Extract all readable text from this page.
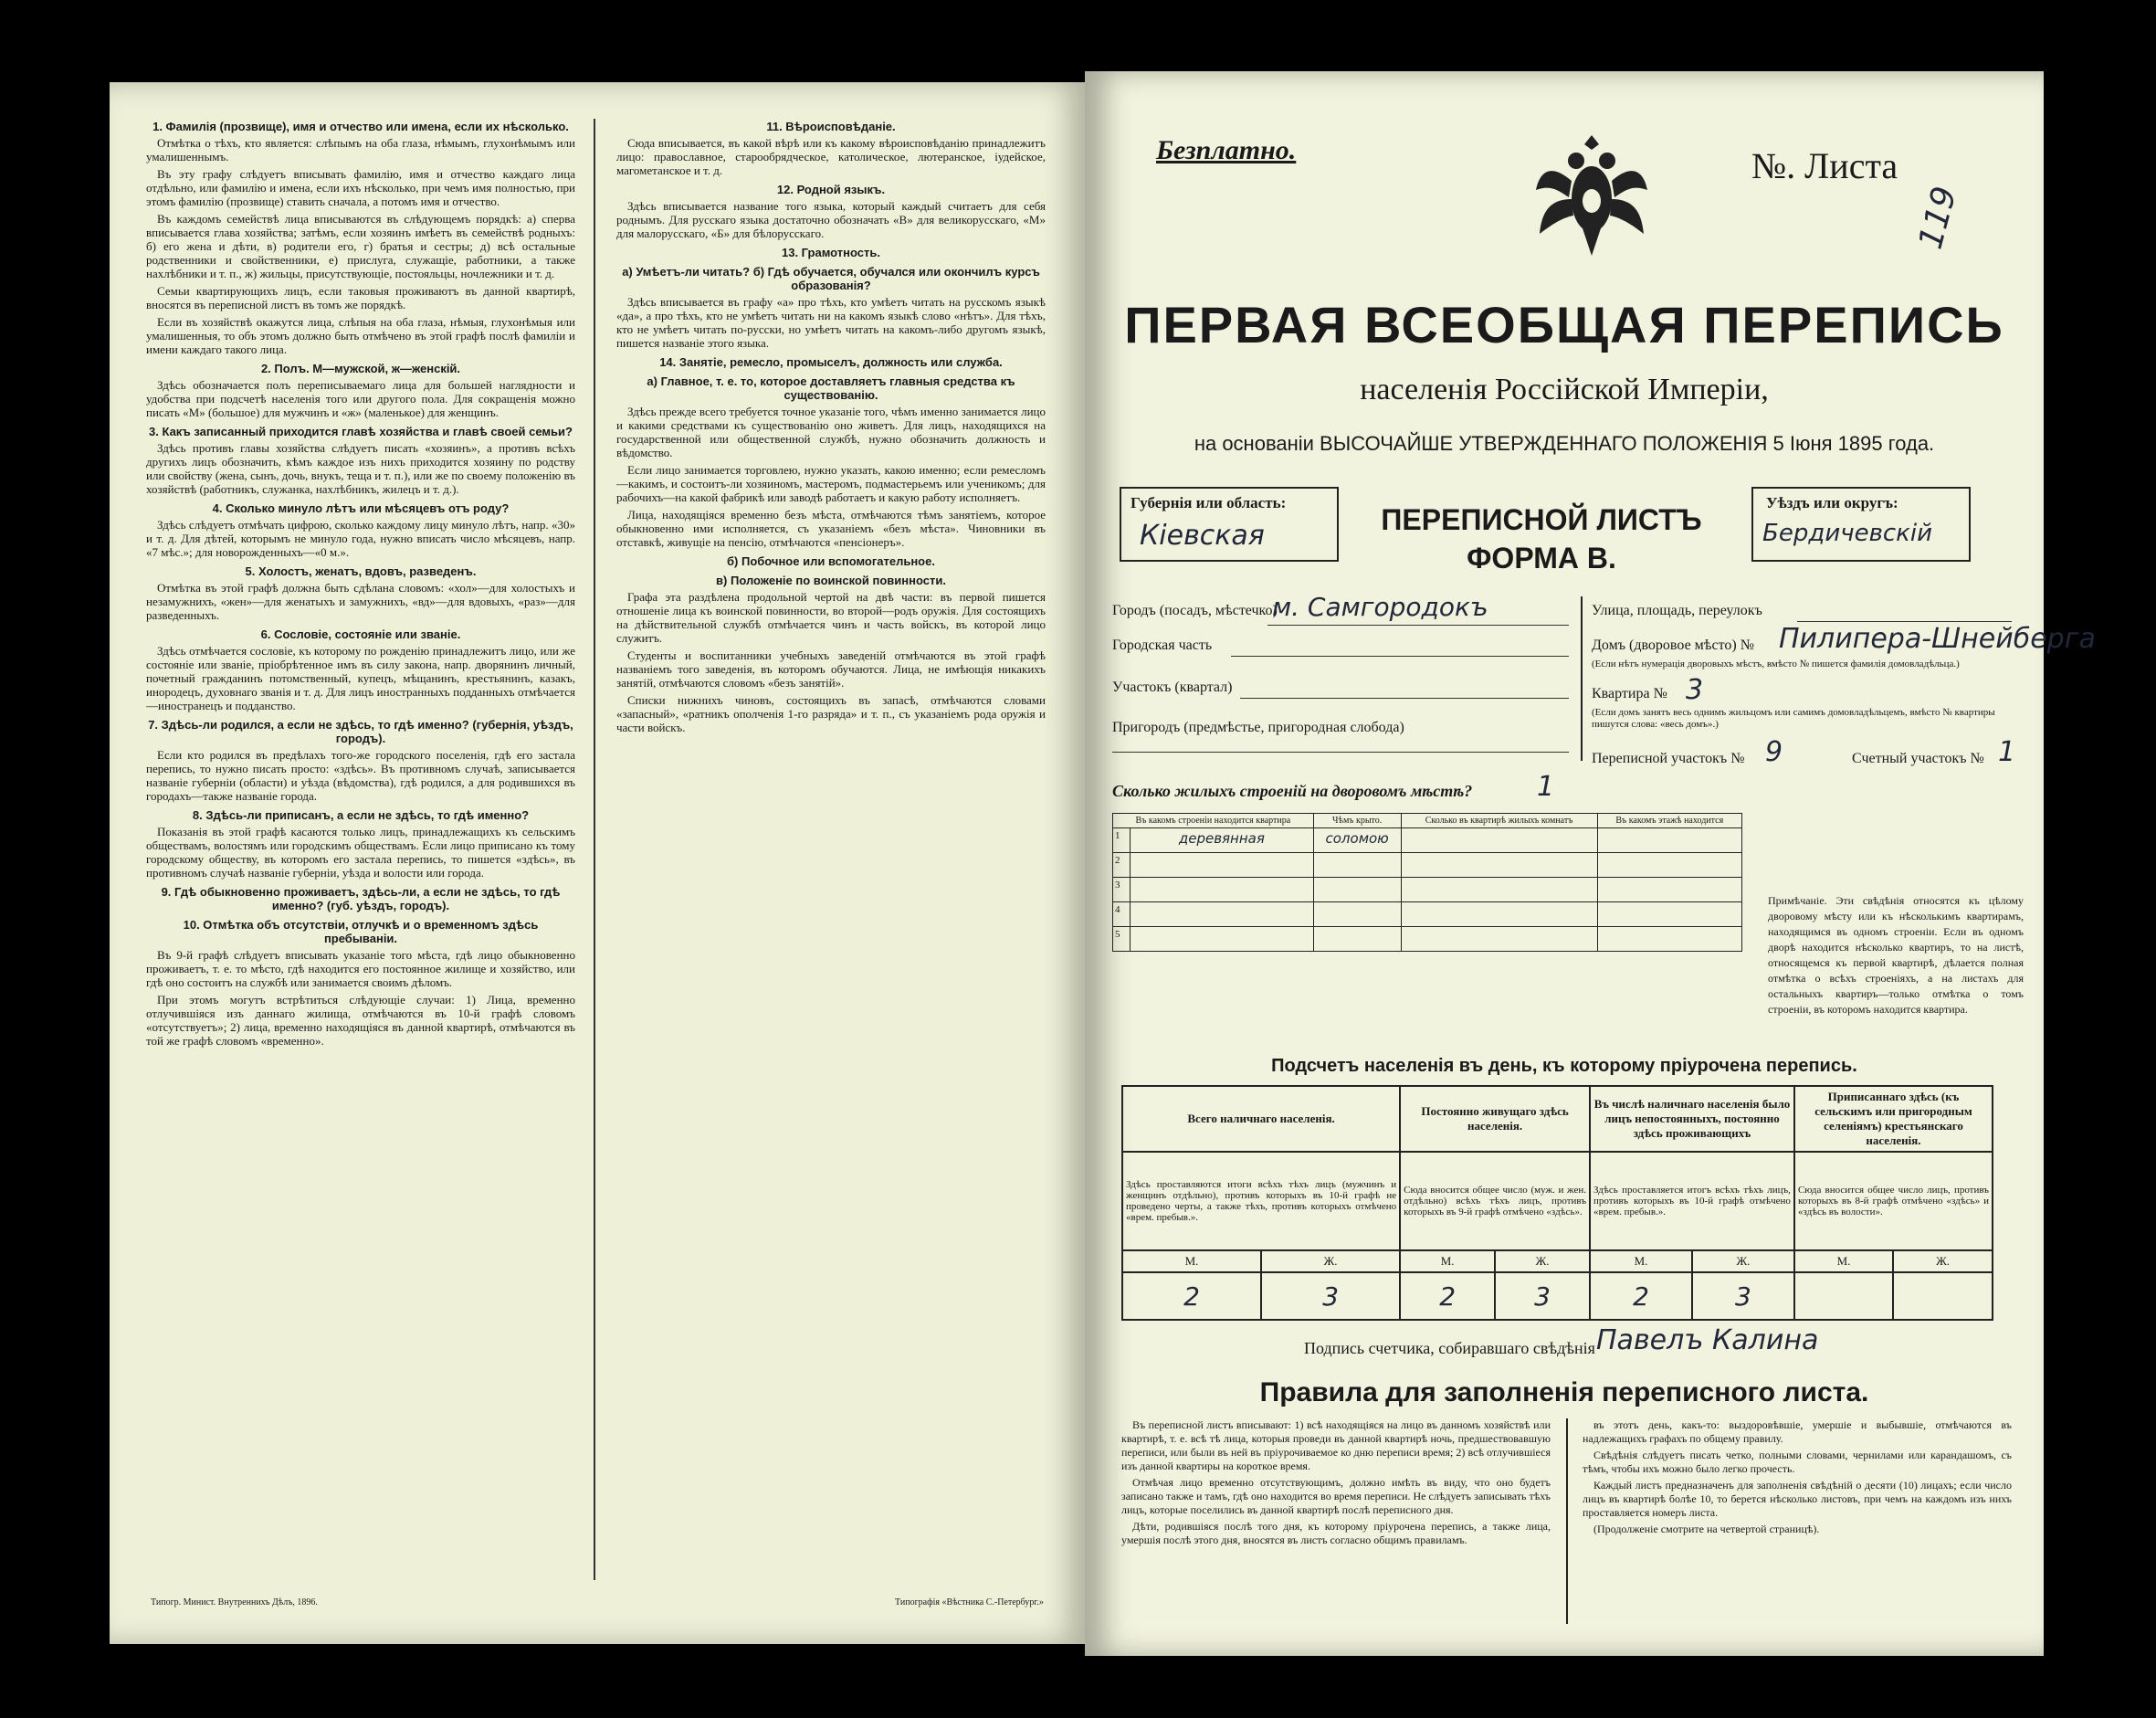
1. Фамилія (прозвище), имя и отчество или имена, если их нѣсколько.

Отмѣтка о тѣхъ, кто является: слѣпымъ на оба глаза, нѣмымъ, глухонѣмымъ или умалишеннымъ.

Въ эту графу слѣдуетъ вписывать фамилію, имя и отчество каждаго лица отдѣльно, или фамилію и имена, если ихъ нѣсколько, при чемъ имя полностью, при этомъ фамилію (прозвище) ставить сначала, а потомъ имя и отчество.

Въ каждомъ семействѣ лица вписываются въ слѣдующемъ порядкѣ: а) сперва вписывается глава хозяйства; затѣмъ, если хозяинъ имѣетъ въ семействѣ родныхъ: б) его жена и дѣти, в) родители его, г) братья и сестры; д) всѣ остальные родственники и свойственники, е) прислуга, служащіе, работники, а также нахлѣбники и т. п., ж) жильцы, присутствующіе, постояльцы, ночлежники и т. д.

Семьи квартирующихъ лицъ, если таковыя проживаютъ въ данной квартирѣ, вносятся въ переписной листъ въ томъ же порядкѣ.

Если въ хозяйствѣ окажутся лица, слѣпыя на оба глаза, нѣмыя, глухонѣмыя или умалишенныя, то объ этомъ должно быть отмѣчено въ этой графѣ послѣ фамиліи и имени каждаго такого лица.

2. Полъ. М—мужской, ж—женскій.

Здѣсь обозначается полъ переписываемаго лица для большей наглядности и удобства при подсчетѣ населенія того или другого пола. Для сокращенія можно писать «М» (большое) для мужчинъ и «ж» (маленькое) для женщинъ.

3. Какъ записанный приходится главѣ хозяйства и главѣ своей семьи?

Здѣсь противъ главы хозяйства слѣдуетъ писать «хозяинъ», а противъ всѣхъ другихъ лицъ обозначить, кѣмъ каждое изъ нихъ приходится хозяину по родству или свойству (жена, сынъ, дочь, внукъ, теща и т. п.), или же по своему положенію въ хозяйствѣ (работникъ, служанка, нахлѣбникъ, жилецъ и т. д.).

4. Сколько минуло лѣтъ или мѣсяцевъ отъ роду?

Здѣсь слѣдуетъ отмѣчать цифрою, сколько каждому лицу минуло лѣтъ, напр. «30» и т. д. Для дѣтей, которымъ не минуло года, нужно вписать число мѣсяцевъ, напр. «7 мѣс.»; для новорожденныхъ—«0 м.».

5. Холостъ, женатъ, вдовъ, разведенъ.

Отмѣтка въ этой графѣ должна быть сдѣлана словомъ: «хол»—для холостыхъ и незамужнихъ, «жен»—для женатыхъ и замужнихъ, «вд»—для вдовыхъ, «раз»—для разведенныхъ.

6. Сословіе, состояніе или званіе.

Здѣсь отмѣчается сословіе, къ которому по рожденію принадлежитъ лицо, или же состояніе или званіе, пріобрѣтенное имъ въ силу закона, напр. дворянинъ личный, почетный гражданинъ потомственный, купецъ, мѣщанинъ, крестьянинъ, казакъ, инородецъ, духовнаго званія и т. д. Для лицъ иностранныхъ подданныхъ отмѣчается—иностранецъ и подданство.

7. Здѣсь-ли родился, а если не здѣсь, то гдѣ именно? (губернія, уѣздъ, городъ).

Если кто родился въ предѣлахъ того-же городского поселенія, гдѣ его застала перепись, то нужно писать просто: «здѣсь». Въ противномъ случаѣ, записывается названіе губерніи (области) и уѣзда (вѣдомства), гдѣ родился, а для родившихся въ городахъ—также названіе города.

8. Здѣсь-ли приписанъ, а если не здѣсь, то гдѣ именно?

Показанія въ этой графѣ касаются только лицъ, принадлежащихъ къ сельскимъ обществамъ, волостямъ или городскимъ обществамъ. Если лицо приписано къ тому городскому обществу, въ которомъ его застала перепись, то пишется «здѣсь», въ противномъ случаѣ названіе губерніи, уѣзда и волости или города.

9. Гдѣ обыкновенно проживаетъ, здѣсь-ли, а если не здѣсь, то гдѣ именно? (губ. уѣздъ, городъ).
10. Отмѣтка объ отсутствіи, отлучкѣ и о временномъ здѣсь пребываніи.

Въ 9-й графѣ слѣдуетъ вписывать указаніе того мѣста, гдѣ лицо обыкновенно проживаетъ, т. е. то мѣсто, гдѣ находится его постоянное жилище и хозяйство, или гдѣ оно состоитъ на службѣ или занимается своимъ дѣломъ.

При этомъ могутъ встрѣтиться слѣдующіе случаи: 1) Лица, временно отлучившіяся изъ даннаго жилища, отмѣчаются въ 10-й графѣ словомъ «отсутствуетъ»; 2) лица, временно находящіяся въ данной квартирѣ, отмѣчаются въ той же графѣ словомъ «временно».

11. Вѣроисповѣданіе.

Сюда вписывается, въ какой вѣрѣ или къ какому вѣроисповѣданію принадлежитъ лицо: православное, старообрядческое, католическое, лютеранское, іудейское, магометанское и т. д.

12. Родной языкъ.

Здѣсь вписывается название того языка, который каждый считаетъ для себя роднымъ. Для русскаго языка достаточно обозначать «В» для великорусскаго, «М» для малорусскаго, «Б» для бѣлорусскаго.

13. Грамотность.
а) Умѣетъ-ли читать? б) Гдѣ обучается, обучался или окончилъ курсъ образованія?

Здѣсь вписывается въ графу «а» про тѣхъ, кто умѣетъ читать на русскомъ языкѣ «да», а про тѣхъ, кто не умѣетъ читать ни на какомъ языкѣ слово «нѣтъ». Для тѣхъ, кто не умѣетъ читать по-русски, но умѣетъ читать на какомъ-либо другомъ языкѣ, пишется названіе этого языка.

14. Занятіе, ремесло, промыселъ, должность или служба.
а) Главное, т. е. то, которое доставляетъ главныя средства къ существованію.

Здѣсь прежде всего требуется точное указаніе того, чѣмъ именно занимается лицо и какими средствами къ существованію оно живетъ. Для лицъ, находящихся на государственной или общественной службѣ, нужно обозначить должность и вѣдомство.

Если лицо занимается торговлею, нужно указать, какою именно; если ремесломъ—какимъ, и состоитъ-ли хозяиномъ, мастеромъ, подмастерьемъ или ученикомъ; для рабочихъ—на какой фабрикѣ или заводѣ работаетъ и какую работу исполняетъ.

Лица, находящіяся временно безъ мѣста, отмѣчаются тѣмъ занятіемъ, которое обыкновенно ими исполняется, съ указаніемъ «безъ мѣста». Чиновники въ отставкѣ, живущіе на пенсію, отмѣчаются «пенсіонеръ».

б) Побочное или вспомогательное.
в) Положеніе по воинской повинности.

Графа эта раздѣлена продольной чертой на двѣ части: въ первой пишется отношеніе лица къ воинской повинности, во второй—родъ оружія. Для состоящихъ на дѣйствительной службѣ отмѣчается чинъ и часть войскъ, въ которой лицо служитъ.

Студенты и воспитанники учебныхъ заведеній отмѣчаются въ этой графѣ названіемъ того заведенія, въ которомъ обучаются. Лица, не имѣющія никакихъ занятій, отмѣчаются словомъ «безъ занятій».

Списки нижнихъ чиновъ, состоящихъ въ запасѣ, отмѣчаются словами «запасный», «ратникъ ополченія 1-го разряда» и т. п., съ указаніемъ рода оружія и части войскъ.

Типогр. Минист. Внутреннихъ Дѣлъ, 1896.	Типографія «Вѣстника С.-Петербург.»
Безплатно.	№. Листа
119
ПЕРВАЯ ВСЕОБЩАЯ ПЕРЕПИСЬ
населенія Россійской Имперіи,
на основаніи ВЫСОЧАЙШЕ УТВЕРЖДЕННАГО ПОЛОЖЕНІЯ 5 Іюня 1895 года.
Губернія или область:
Кіевская	ПЕРЕПИСНОЙ ЛИСТЪ
ФОРМА В.
Уѣздъ или округъ:
Бердичевскій
Городъ (посадъ, мѣстечко)
м. Самгородокъ
Городская часть
Участокъ (квартал)
Пригородъ (предмѣстье, пригородная слобода)
Улица, площадь, переулокъ
Домъ (дворовое мѣсто) № Пилипера-Шнейберга
(Если нѣтъ нумерація дворовыхъ мѣстъ, вмѣсто № пишется фамилія домовладѣльца.)
Квартира № 3
(Если домъ занятъ весь однимъ жильцомъ или самимъ домовладѣльцемъ, вмѣсто № квартиры пишутся слова: «весь домъ».)
Переписной участокъ № 9	Счетный участокъ № 1
Сколько жилыхъ строеній на дворовомъ мѣстѣ? 1
Въ какомъ строеніи находится квартира		Чѣмъ крыто.	Сколько въ квартирѣ жилыхъ комнатъ	Въ какомъ этажѣ находится
1	деревянная	соломою		
2				
3				
4				
5				
Примѣчаніе. Эти свѣдѣнія относятся къ цѣлому дворовому мѣсту или къ нѣсколькимъ квартирамъ, находящимся въ одномъ строеніи. Если въ одномъ дворѣ находится нѣсколько квартиръ, то на листѣ, относящемся къ первой квартирѣ, дѣлается полная отмѣтка о всѣхъ строеніяхъ, а на листахъ для остальныхъ квартиръ—только отмѣтка о томъ строеніи, въ которомъ находится квартира.
Подсчетъ населенія въ день, къ которому пріурочена перепись.
Всего наличнаго населенія.		Постоянно живущаго здѣсь населенія.		Въ числѣ наличнаго населенія было лицъ непостоянныхъ, постоянно здѣсь проживающихъ		Приписаннаго здѣсь (къ сельскимъ или пригородным селеніямъ) крестьянскаго населенія.	
Здѣсь проставляются итоги всѣхъ тѣхъ лицъ (мужчинъ и женщинъ отдѣльно), противъ которыхъ въ 10-й графѣ не проведено черты, а также тѣхъ, противъ которыхъ отмѣчено «врем. пребыв.».		Сюда вносится общее число (муж. и жен. отдѣльно) всѣхъ тѣхъ лицъ, противъ которыхъ въ 9-й графѣ отмѣчено «здѣсь».		Здѣсь проставляется итогъ всѣхъ тѣхъ лицъ, противъ которыхъ въ 10-й графѣ отмѣчено «врем. пребыв.».		Сюда вносится общее число лицъ, противъ которыхъ въ 8-й графѣ отмѣчено «здѣсь» и «здѣсь въ волости».	
М.	Ж.	М.	Ж.	М.	Ж.	М.	Ж.
2	3	2	3	2	3		
Подпись счетчика, собиравшаго свѣдѣнія Павелъ Калина
Правила для заполненія переписного листа.

Въ переписной листъ вписывают: 1) всѣ находящіяся на лицо въ данномъ хозяйствѣ или квартирѣ, т. е. всѣ тѣ лица, которыя проведи въ данной квартирѣ ночь, предшествовавшую переписи, или были въ ней въ пріурочиваемое ко дню переписи время; 2) всѣ отлучившіеся изъ данной квартиры на короткое время.

Отмѣчая лицо временно отсутствующимъ, должно имѣть въ виду, что оно будетъ записано также и тамъ, гдѣ оно находится во время переписи. Не слѣдуетъ записывать тѣхъ лицъ, которые поселились въ данной квартирѣ послѣ переписного дня.

Дѣти, родившіяся послѣ того дня, къ которому пріурочена перепись, а также лица, умершія послѣ этого дня, вносятся въ листъ согласно общимъ правиламъ.

въ этотъ день, какъ-то: выздоровѣвшіе, умершіе и выбывшіе, отмѣчаются въ надлежащихъ графахъ по общему правилу.

Свѣдѣнія слѣдуетъ писать четко, полными словами, чернилами или карандашомъ, съ тѣмъ, чтобы ихъ можно было легко прочесть.

Каждый листъ предназначенъ для заполненія свѣдѣній о десяти (10) лицахъ; если число лицъ въ квартирѣ болѣе 10, то берется нѣсколько листовъ, при чемъ на каждомъ изъ нихъ проставляется номеръ листа.

(Продолженіе смотрите на четвертой страницѣ).
